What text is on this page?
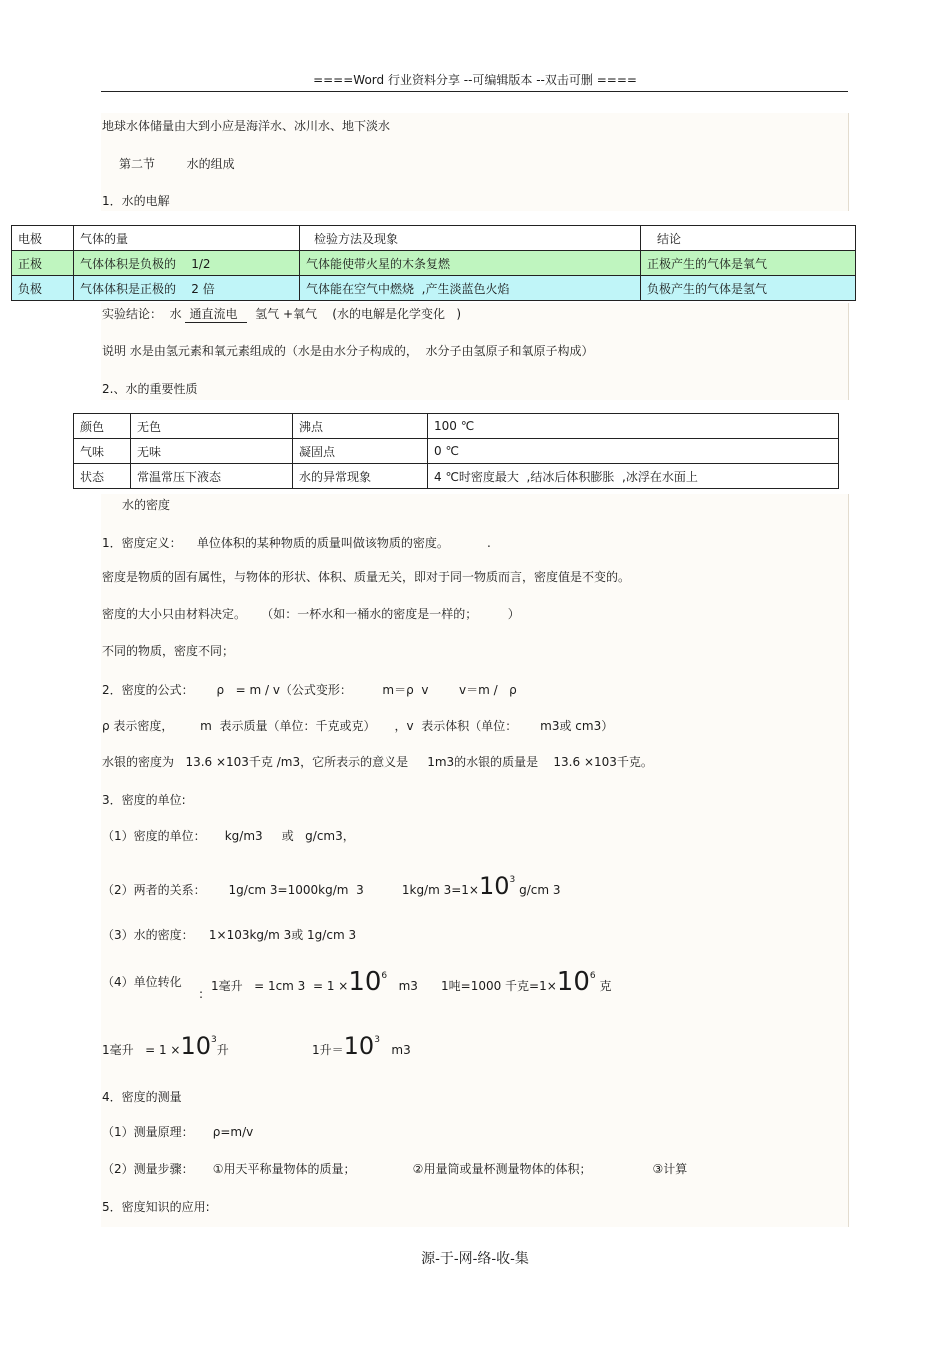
====Word 行业资料分享 --可编辑版本 --双击可删 ====
地球水体储量由大到小应是海洋水、冰川水、地下淡水
第二节	水的组成
1．水的电解
电极	气体的量	检验方法及现象	结论
正极	气体体积是负极的    1/2	气体能使带火星的木条复燃	正极产生的气体是氧气
负极	气体体积是正极的    2 倍	气体能在空气中燃烧  ,产生淡蓝色火焰	负极产生的气体是氢气
实验结论：  水 通直流电 氢气 +氧气 (水的电解是化学变化   )
说明 水是由氢元素和氧元素组成的（水是由水分子构成的，  水分子由氢原子和氧原子构成）
2.、水的重要性质
颜色	无色	沸点	100 ℃
气味	无味	凝固点	0 ℃
状态	常温常压下液态	水的异常现象	4 ℃时密度最大  ,结冰后体积膨胀  ,冰浮在水面上
水的密度
1．密度定义：    单位体积的某种物质的质量叫做该物质的密度。          .
密度是物质的固有属性，与物体的形状、体积、质量无关，即对于同一物质而言，密度值是不变的。
密度的大小只由材料决定。    （如：一杯水和一桶水的密度是一样的；        ）
不同的物质，密度不同；
2．密度的公式：      ρ   = m / v（公式变形：        m＝ρ  v        v＝m /   ρ
ρ 表示密度，       m  表示质量（单位：千克或克）     ，v  表示体积（单位：      m3或 cm3）
水银的密度为   13.6 ×103千克 /m3，它所表示的意义是     1m3的水银的质量是    13.6 ×103千克。
3．密度的单位:
（1）密度的单位：     kg/m3     或   g/cm3，
（2）两者的关系：      1g/cm 3=1000kg/m  3          1kg/m $3=1\times 10^3$ g/cm 3
（3）水的密度：    1×103kg/m 3或 1g/cm 3
（4）单位转化
:
1毫升   = 1cm $3 = 1 \times 10^6$   m3 1吨=1000 千克$=1\times 10^6$ 克
1毫升   = $1 \times 10^3$升	1升$=10^3$   m3
4．密度的测量
（1）测量原理：     ρ=m/v
（2）测量步骤：     ①用天平称量物体的质量；               ②用量筒或量杯测量物体的体积；                ③计算
5．密度知识的应用:
源-于-网-络-收-集
